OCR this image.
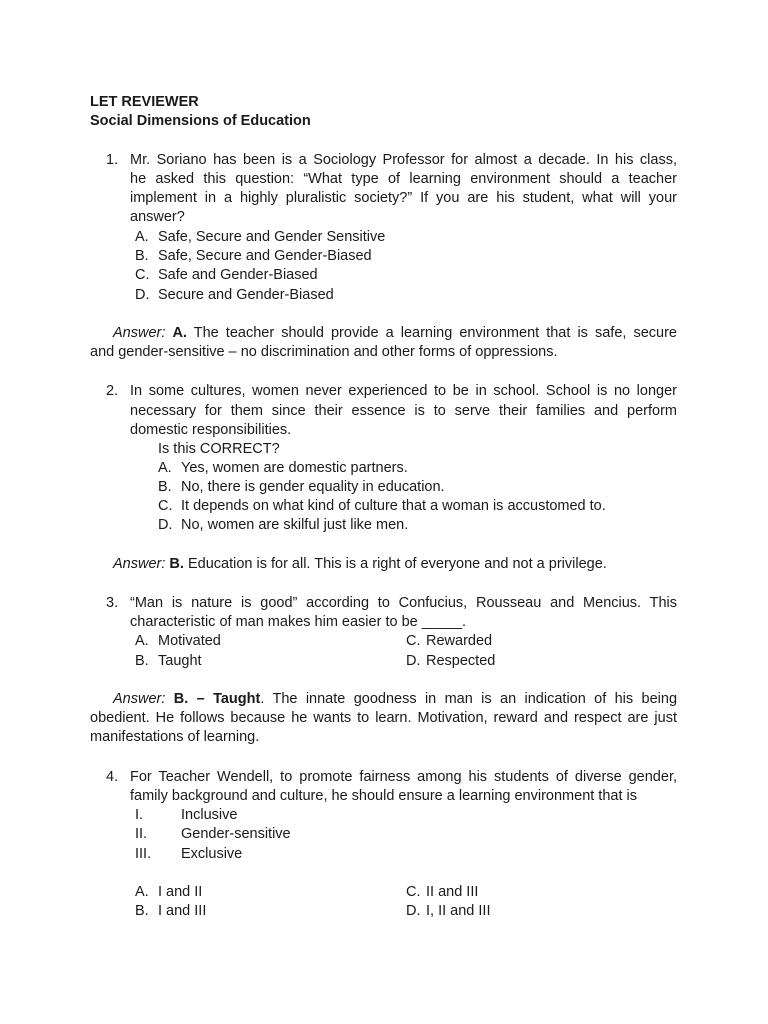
LET REVIEWER
Social Dimensions of Education
1. Mr. Soriano has been is a Sociology Professor for almost a decade. In his class,
he asked this question: “What type of learning environment should a teacher
implement in a highly pluralistic society?” If you are his student, what will your
answer?
A. Safe, Secure and Gender Sensitive
B. Safe, Secure and Gender-Biased
C. Safe and Gender-Biased
D. Secure and Gender-Biased
Answer: A. The teacher should provide a learning environment that is safe, secure
and gender-sensitive – no discrimination and other forms of oppressions.
2. In some cultures, women never experienced to be in school. School is no longer
necessary for them since their essence is to serve their families and perform
domestic responsibilities.
Is this CORRECT?
A. Yes, women are domestic partners.
B. No, there is gender equality in education.
C. It depends on what kind of culture that a woman is accustomed to.
D. No, women are skilful just like men.
Answer: B. Education is for all. This is a right of everyone and not a privilege.
3. “Man is nature is good” according to Confucius, Rousseau and Mencius. This
characteristic of man makes him easier to be _____.
A. Motivated	C. Rewarded
B. Taught	D. Respected
Answer: B. – Taught. The innate goodness in man is an indication of his being
obedient. He follows because he wants to learn. Motivation, reward and respect are just
manifestations of learning.
4. For Teacher Wendell, to promote fairness among his students of diverse gender,
family background and culture, he should ensure a learning environment that is
I.	Inclusive
II. Gender-sensitive
III. Exclusive
A. I and II	C. II and III
B. I and III	D. I, II and III
